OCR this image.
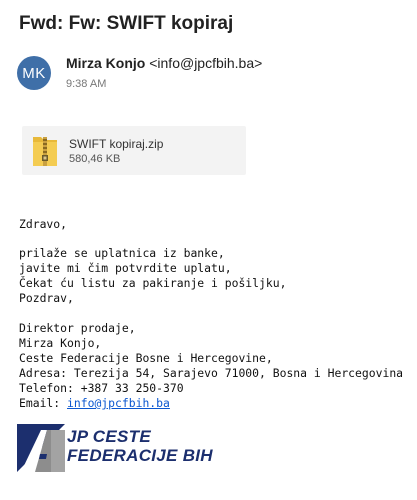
Fwd: Fw: SWIFT kopiraj
MK
Mirza Konjo <info@jpcfbih.ba>
9:38 AM
SWIFT kopiraj.zip
580,46 KB
Zdravo,
prilaže se uplatnica iz banke,
javite mi čim potvrdite uplatu,
Čekat ću listu za pakiranje i pošiljku,
Pozdrav,
Direktor prodaje,
Mirza Konjo,
Ceste Federacije Bosne i Hercegovine,
Adresa: Terezija 54, Sarajevo 71000, Bosna i Hercegovina
Telefon: +387 33 250-370
Email: info@jpcfbih.ba
JP CESTE
FEDERACIJE BIH
